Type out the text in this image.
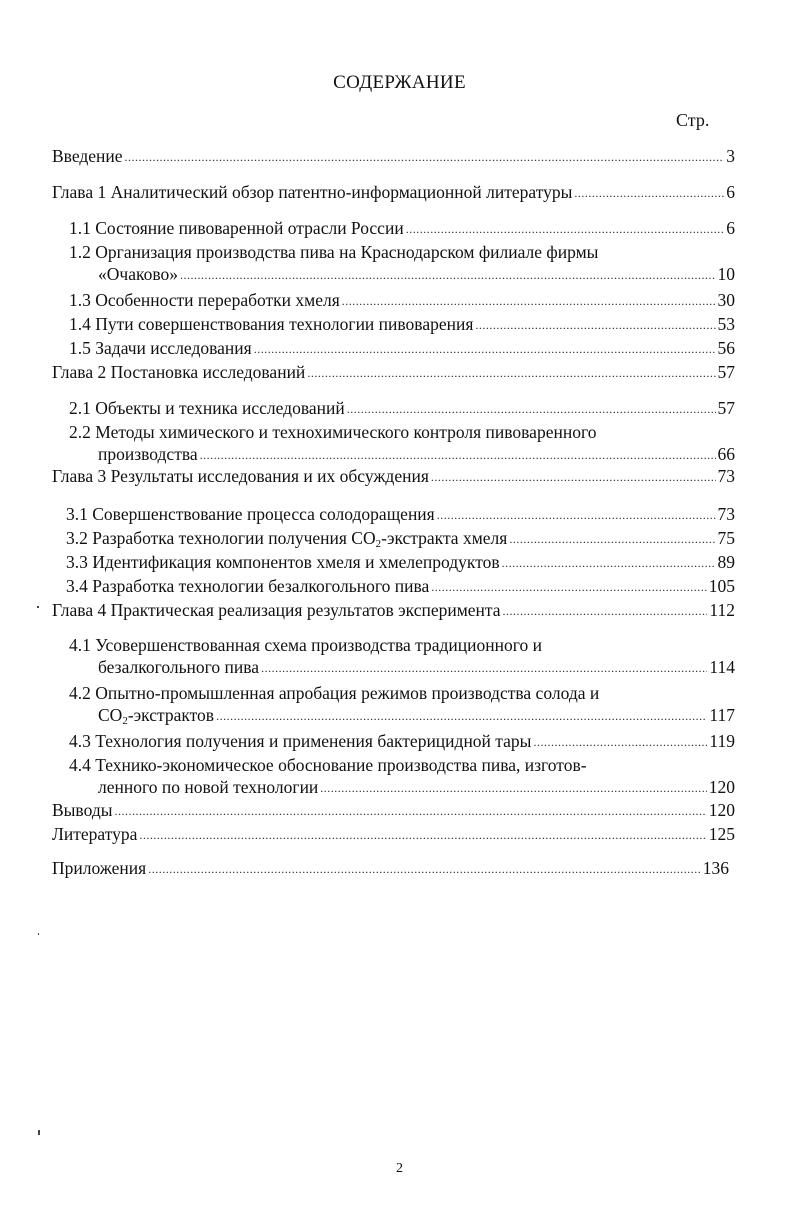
СОДЕРЖАНИЕ
Стр.
Введение .....	3
Глава 1 Аналитический обзор патентно-информационной литературы .....	6
1.1 Состояние пивоваренной отрасли России .....	6
1.2 Организация производства пива на Краснодарском филиале фирмы
«Очаково» .....	10
1.3 Особенности переработки хмеля .....	30
1.4 Пути совершенствования технологии пивоварения .....	53
1.5 Задачи исследования .....	56
Глава 2 Постановка исследований .....	57
2.1 Объекты и техника исследований .....	57
2.2 Методы химического и технохимического контроля пивоваренного
производства .....	66
Глава 3 Результаты исследования и их обсуждения .....	73
3.1 Совершенствование процесса солодоращения .....	73
3.2 Разработка технологии получения $CO_2$-экстракта хмеля .....	75
3.3 Идентификация компонентов хмеля и хмелепродуктов .....	89
3.4 Разработка технологии безалкогольного пива .....	105
Глава 4 Практическая реализация результатов эксперимента .....	112
4.1 Усовершенствованная схема производства традиционного и
безалкогольного пива .....	114
4.2 Опытно-промышленная апробация режимов производства солода и
$CO_2$-экстрактов .....	117
4.3 Технология получения и применения бактерицидной тары .....	119
4.4 Технико-экономическое обоснование производства пива, изготов-
ленного по новой технологии .....	120
Выводы .....	120
Литература .....	125
Приложения .....	136
2
